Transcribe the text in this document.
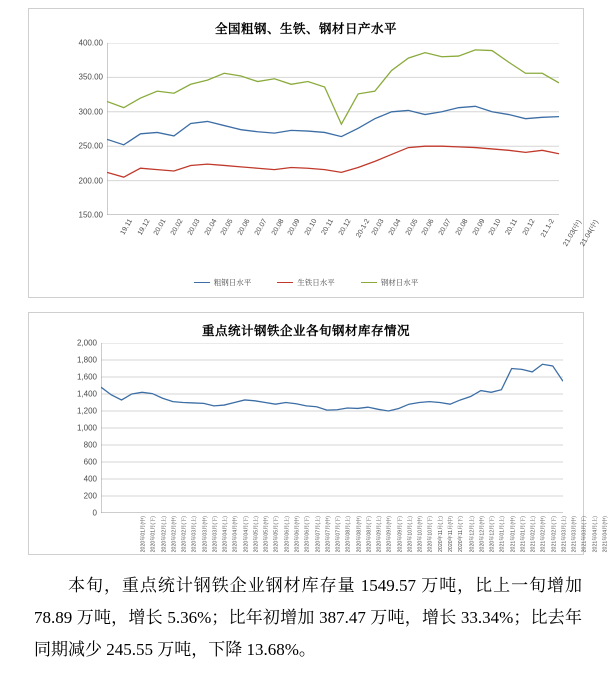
全国粗钢、生铁、钢材日产水平
150.00
200.00
250.00
300.00
350.00
400.00
19.11 19.12 20.01 20.02 20.03 20.04 20.05 20.06 20.07 20.08 20.09 20.10 20.11 20.12 20-1-2 20.03 20.04 20.05 20.06 20.07 20.08 20.09 20.10 20.11 20.12 21.1-2 21.03(中)
21.04(中)
粗钢日水平	生铁日水平	钢材日水平
重点统计钢铁企业各旬钢材库存情况
0
200
400
600
800
1,000
1,200
1,400
1,600
1,800
2,000
2020年01月(中) 2020年01月(下) 2020年02月(上) 2020年02月(中) 2020年02月(下) 2020年03月(上) 2020年03月(中) 2020年03月(下) 2020年04月(上) 2020年04月(中) 2020年04月(下) 2020年05月(上) 2020年05月(中) 2020年05月(下) 2020年06月(上) 2020年06月(中) 2020年06月(下) 2020年07月(上) 2020年07月(中) 2020年07月(下) 2020年08月(上) 2020年08月(中) 2020年08月(下) 2020年09月(上) 2020年09月(中) 2020年09月(下) 2020年10月(上) 2020年10月(中) 2020年10月(下) 2020年11月(上) 2020年11月(中) 2020年11月(下) 2020年12月(上) 2020年12月(中) 2020年12月(下) 2021年01月(上) 2021年01月(中) 2021年01月(下) 2021年02月(上) 2021年02月(中) 2021年02月(下) 2021年03月(上) 2021年03月(中) 2021年03月(下) 2021年04月(上) 2021年04月(中)
本旬，重点统计钢铁企业钢材库存量 1549.57 万吨，比上一旬增加 78.89 万吨，增长 5.36%；比年初增加 387.47 万吨，增长 33.34%；比去年同期减少 245.55 万吨，下降 13.68%。
